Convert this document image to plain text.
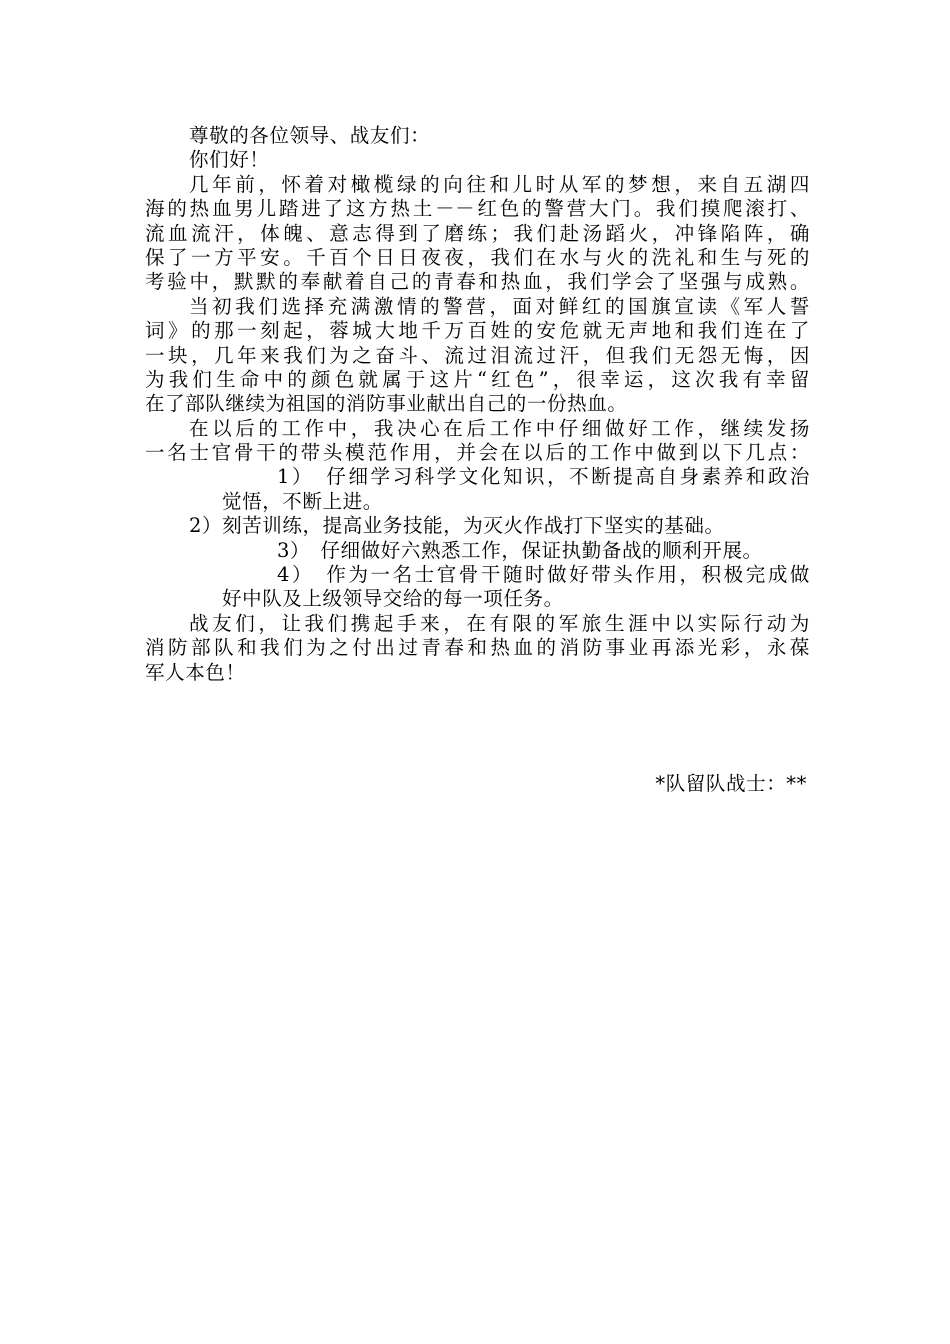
尊敬的各位领导、战友们：
你们好！
几年前，怀着对橄榄绿的向往和儿时从军的梦想，来自五湖四
海的热血男儿踏进了这方热土－－红色的警营大门。我们摸爬滚打、
流血流汗，体魄、意志得到了磨练；我们赴汤蹈火，冲锋陷阵，确
保了一方平安。千百个日日夜夜，我们在水与火的洗礼和生与死的
考验中，默默的奉献着自己的青春和热血，我们学会了坚强与成熟。
当初我们选择充满激情的警营，面对鲜红的国旗宣读《军人誓
词》的那一刻起，蓉城大地千万百姓的安危就无声地和我们连在了
一块，几年来我们为之奋斗、流过泪流过汗，但我们无怨无悔，因
为我们生命中的颜色就属于这片“红色”，很幸运，这次我有幸留
在了部队继续为祖国的消防事业献出自己的一份热血。
在以后的工作中，我决心在后工作中仔细做好工作，继续发扬
一名士官骨干的带头模范作用，并会在以后的工作中做到以下几点：
1）　仔细学习科学文化知识，不断提高自身素养和政治
觉悟，不断上进。
2）刻苦训练，提高业务技能，为灭火作战打下坚实的基础。
3）　仔细做好六熟悉工作，保证执勤备战的顺利开展。
4）　作为一名士官骨干随时做好带头作用，积极完成做
好中队及上级领导交给的每一项任务。
战友们，让我们携起手来，在有限的军旅生涯中以实际行动为
消防部队和我们为之付出过青春和热血的消防事业再添光彩，永葆
军人本色！
*队留队战士：**
